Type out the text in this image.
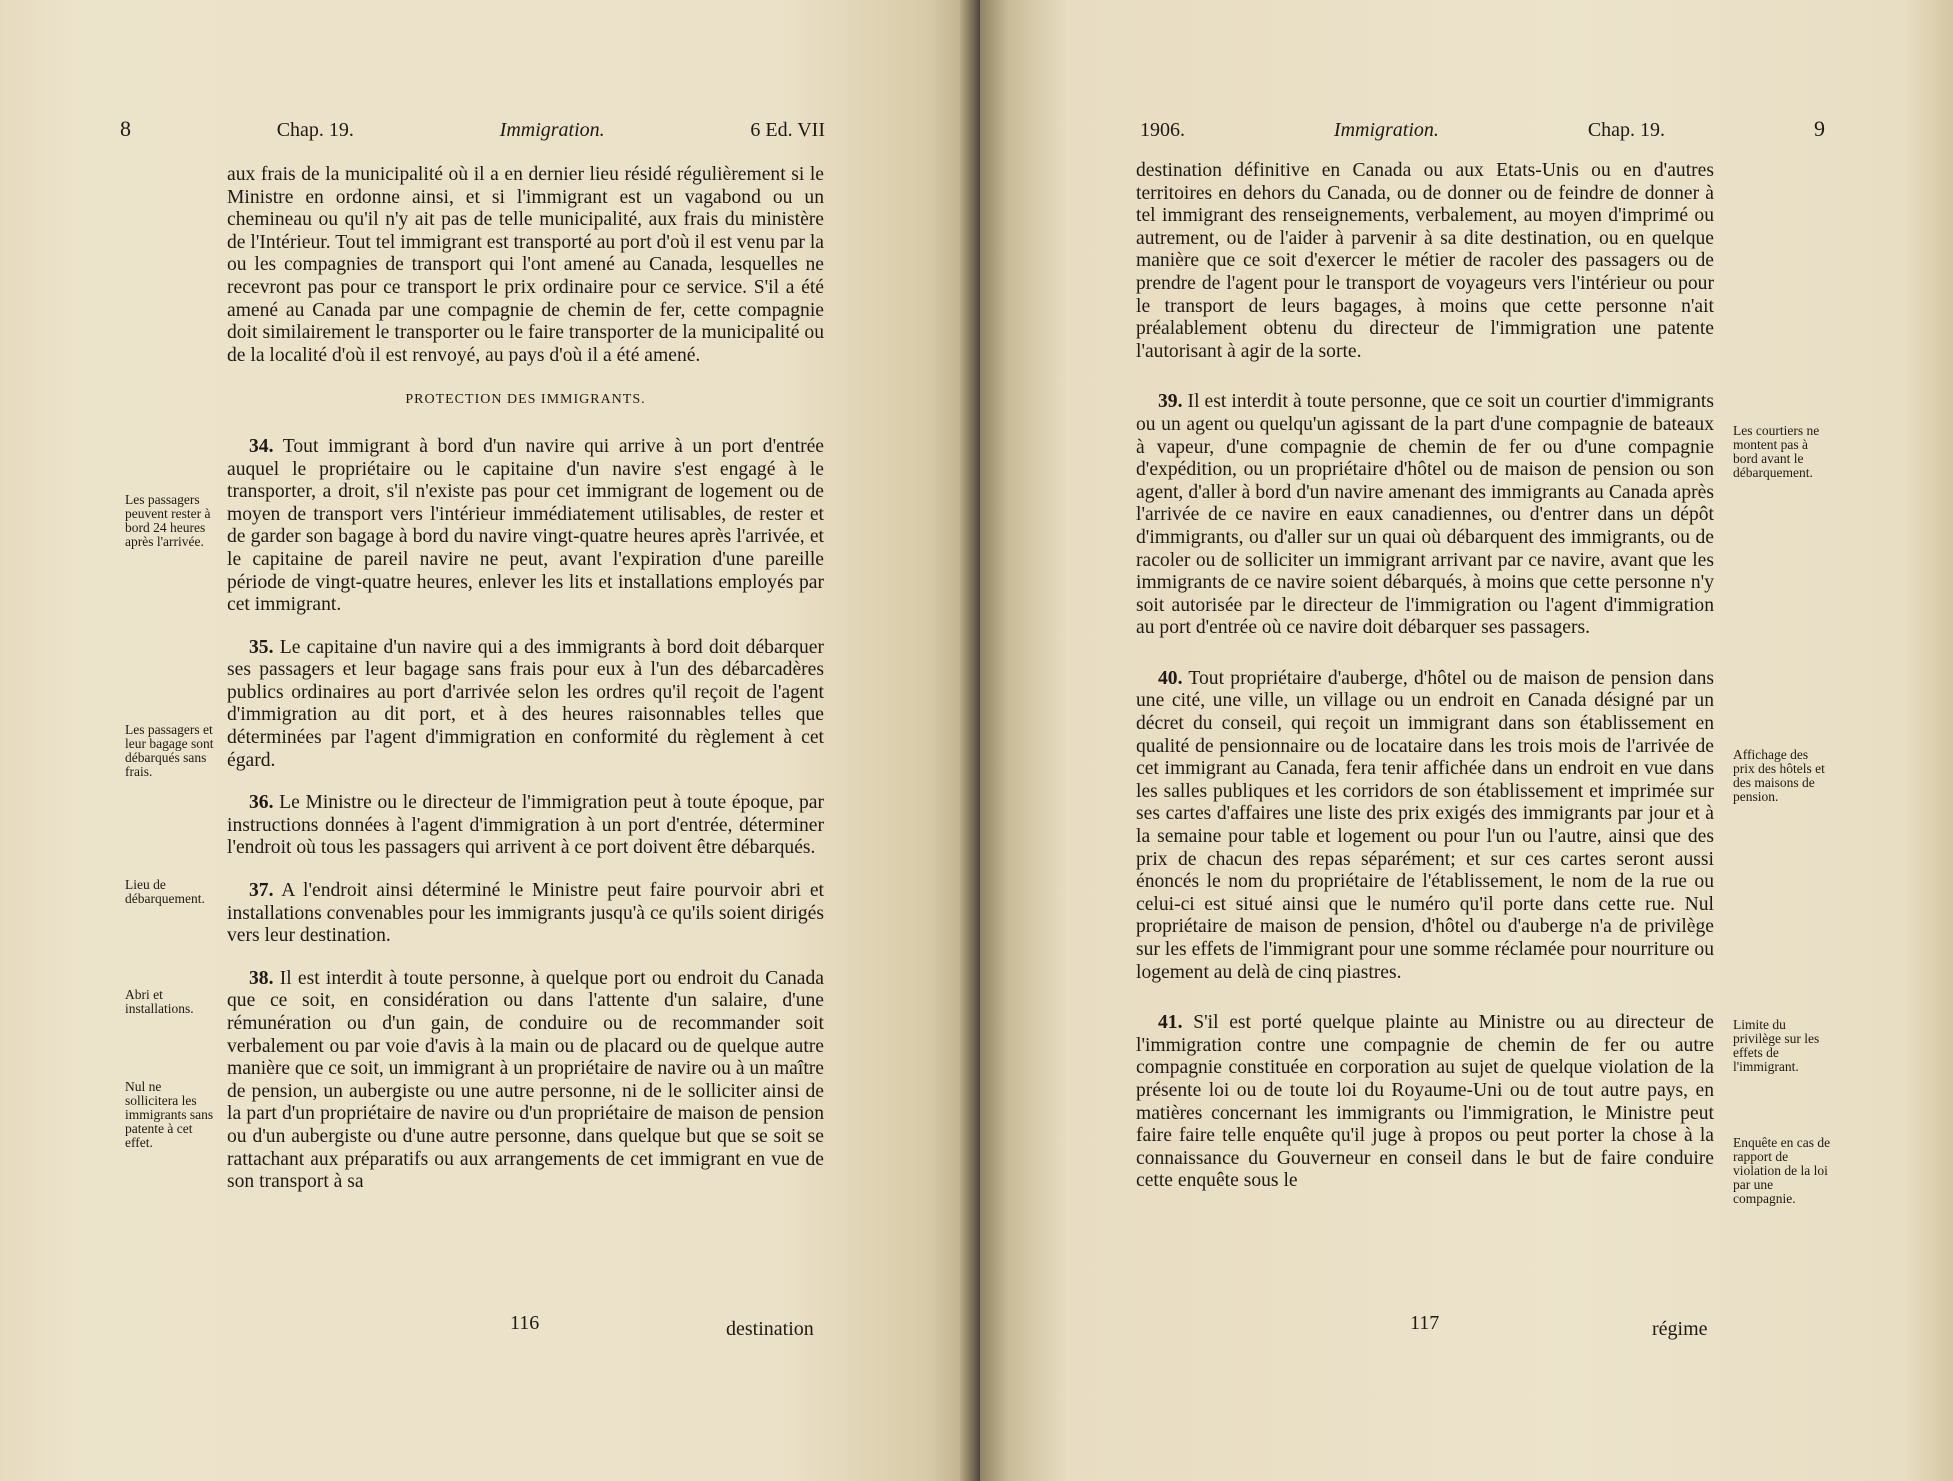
8	Chap. 19.	Immigration.	6 Ed. VII

aux frais de la municipalité où il a en dernier lieu résidé régulièrement si le Ministre en ordonne ainsi, et si l'immigrant est un vagabond ou un chemineau ou qu'il n'y ait pas de telle municipalité, aux frais du ministère de l'Intérieur. Tout tel immigrant est transporté au port d'où il est venu par la ou les compagnies de transport qui l'ont amené au Canada, lesquelles ne recevront pas pour ce transport le prix ordinaire pour ce service. S'il a été amené au Canada par une compagnie de chemin de fer, cette compagnie doit similairement le transporter ou le faire transporter de la municipalité ou de la localité d'où il est renvoyé, au pays d'où il a été amené.

PROTECTION DES IMMIGRANTS.

34. Tout immigrant à bord d'un navire qui arrive à un port d'entrée auquel le propriétaire ou le capitaine d'un navire s'est engagé à le transporter, a droit, s'il n'existe pas pour cet immigrant de logement ou de moyen de transport vers l'intérieur immédiatement utilisables, de rester et de garder son bagage à bord du navire vingt-quatre heures après l'arrivée, et le capitaine de pareil navire ne peut, avant l'expiration d'une pareille période de vingt-quatre heures, enlever les lits et installations employés par cet immigrant.

35. Le capitaine d'un navire qui a des immigrants à bord doit débarquer ses passagers et leur bagage sans frais pour eux à l'un des débarcadères publics ordinaires au port d'arrivée selon les ordres qu'il reçoit de l'agent d'immigration au dit port, et à des heures raisonnables telles que déterminées par l'agent d'immigration en conformité du règlement à cet égard.

36. Le Ministre ou le directeur de l'immigration peut à toute époque, par instructions données à l'agent d'immigration à un port d'entrée, déterminer l'endroit où tous les passagers qui arrivent à ce port doivent être débarqués.

37. A l'endroit ainsi déterminé le Ministre peut faire pourvoir abri et installations convenables pour les immigrants jusqu'à ce qu'ils soient dirigés vers leur destination.

38. Il est interdit à toute personne, à quelque port ou endroit du Canada que ce soit, en considération ou dans l'attente d'un salaire, d'une rémunération ou d'un gain, de conduire ou de recommander soit verbalement ou par voie d'avis à la main ou de placard ou de quelque autre manière que ce soit, un immigrant à un propriétaire de navire ou à un maître de pension, un aubergiste ou une autre personne, ni de le solliciter ainsi de la part d'un propriétaire de navire ou d'un propriétaire de maison de pension ou d'un aubergiste ou d'une autre personne, dans quelque but que se soit se rattachant aux préparatifs ou aux arrangements de cet immigrant en vue de son transport à sa

Les passagers peuvent rester à bord 24 heures après l'arrivée.
Les passagers et leur bagage sont débarqués sans frais.
Lieu de débarquement.
Abri et installations.
Nul ne sollicitera les immigrants sans patente à cet effet.
116	destination
1906.	Immigration.	Chap. 19.	9

destination définitive en Canada ou aux Etats-Unis ou en d'autres territoires en dehors du Canada, ou de donner ou de feindre de donner à tel immigrant des renseignements, verbalement, au moyen d'imprimé ou autrement, ou de l'aider à parvenir à sa dite destination, ou en quelque manière que ce soit d'exercer le métier de racoler des passagers ou de prendre de l'agent pour le transport de voyageurs vers l'intérieur ou pour le transport de leurs bagages, à moins que cette personne n'ait préalablement obtenu du directeur de l'immigration une patente l'autorisant à agir de la sorte.

39. Il est interdit à toute personne, que ce soit un courtier d'immigrants ou un agent ou quelqu'un agissant de la part d'une compagnie de bateaux à vapeur, d'une compagnie de chemin de fer ou d'une compagnie d'expédition, ou un propriétaire d'hôtel ou de maison de pension ou son agent, d'aller à bord d'un navire amenant des immigrants au Canada après l'arrivée de ce navire en eaux canadiennes, ou d'entrer dans un dépôt d'immigrants, ou d'aller sur un quai où débarquent des immigrants, ou de racoler ou de solliciter un immigrant arrivant par ce navire, avant que les immigrants de ce navire soient débarqués, à moins que cette personne n'y soit autorisée par le directeur de l'immigration ou l'agent d'immigration au port d'entrée où ce navire doit débarquer ses passagers.

40. Tout propriétaire d'auberge, d'hôtel ou de maison de pension dans une cité, une ville, un village ou un endroit en Canada désigné par un décret du conseil, qui reçoit un immigrant dans son établissement en qualité de pensionnaire ou de locataire dans les trois mois de l'arrivée de cet immigrant au Canada, fera tenir affichée dans un endroit en vue dans les salles publiques et les corridors de son établissement et imprimée sur ses cartes d'affaires une liste des prix exigés des immigrants par jour et à la semaine pour table et logement ou pour l'un ou l'autre, ainsi que des prix de chacun des repas séparément; et sur ces cartes seront aussi énoncés le nom du propriétaire de l'établissement, le nom de la rue ou celui-ci est situé ainsi que le numéro qu'il porte dans cette rue. Nul propriétaire de maison de pension, d'hôtel ou d'auberge n'a de privilège sur les effets de l'immigrant pour une somme réclamée pour nourriture ou logement au delà de cinq piastres.

41. S'il est porté quelque plainte au Ministre ou au directeur de l'immigration contre une compagnie de chemin de fer ou autre compagnie constituée en corporation au sujet de quelque violation de la présente loi ou de toute loi du Royaume-Uni ou de tout autre pays, en matières concernant les immigrants ou l'immigration, le Ministre peut faire faire telle enquête qu'il juge à propos ou peut porter la chose à la connaissance du Gouverneur en conseil dans le but de faire conduire cette enquête sous le

Les courtiers ne montent pas à bord avant le débarquement.
Affichage des prix des hôtels et des maisons de pension.
Limite du privilège sur les effets de l'immigrant.
Enquête en cas de rapport de violation de la loi par une compagnie.
117	régime
